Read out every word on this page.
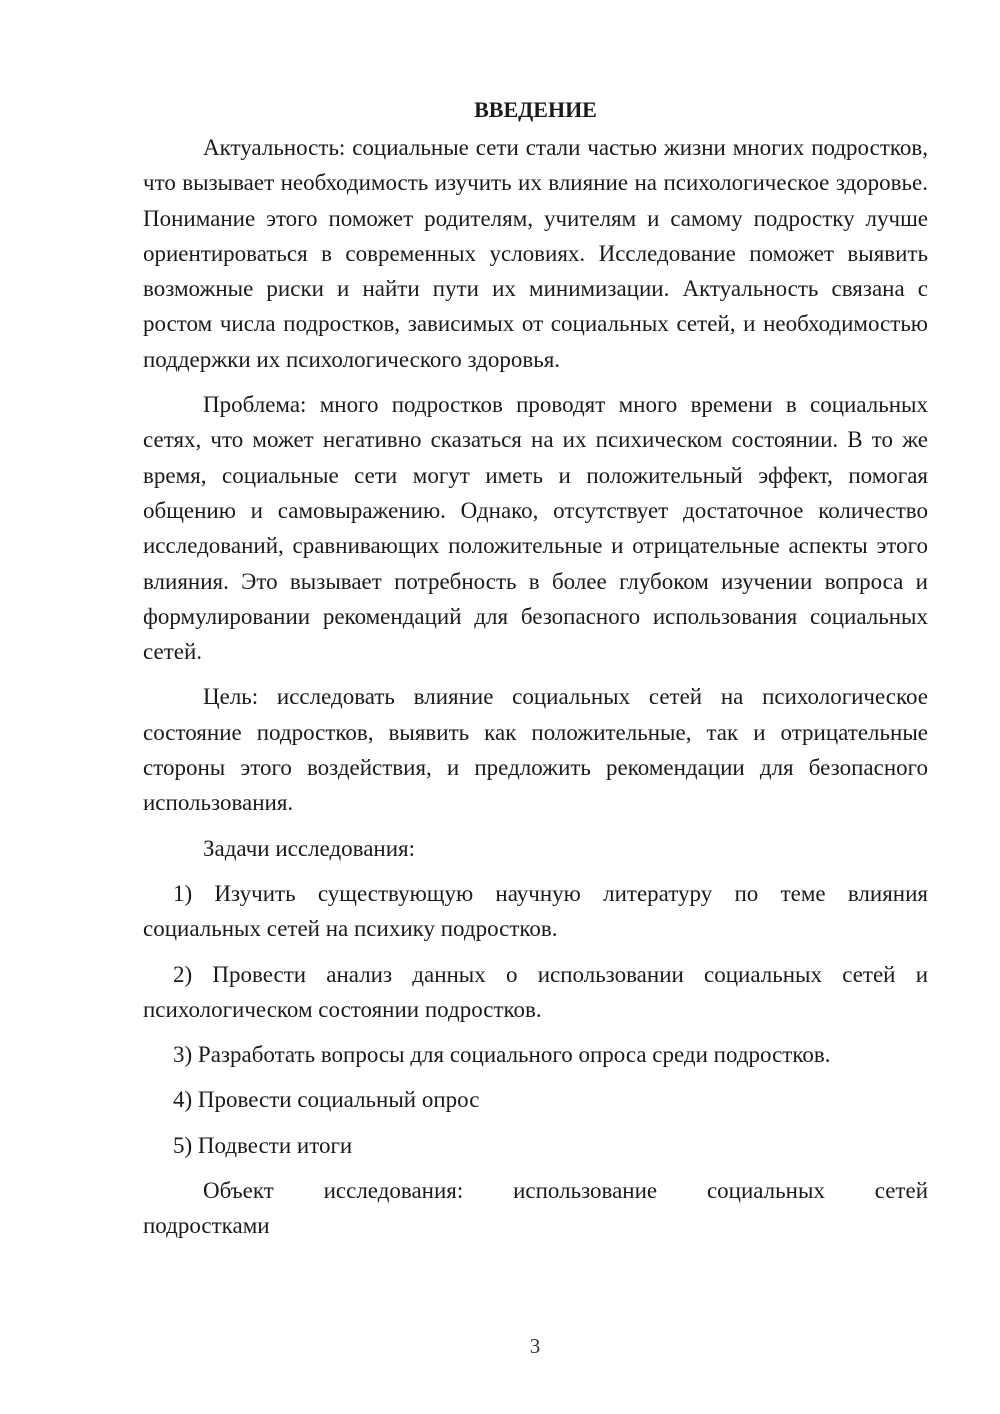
ВВЕДЕНИЕ

Актуальность: социальные сети стали частью жизни многих подростков, что вызывает необходимость изучить их влияние на психологическое здоровье. Понимание этого поможет родителям, учителям и самому подростку лучше ориентироваться в современных условиях. Исследование поможет выявить возможные риски и найти пути их минимизации. Актуальность связана с ростом числа подростков, зависимых от социальных сетей, и необходимостью поддержки их психологического здоровья.

Проблема: много подростков проводят много времени в социальных сетях, что может негативно сказаться на их психическом состоянии. В то же время, социальные сети могут иметь и положительный эффект, помогая общению и самовыражению. Однако, отсутствует достаточное количество исследований, сравнивающих положительные и отрицательные аспекты этого влияния. Это вызывает потребность в более глубоком изучении вопроса и формулировании рекомендаций для безопасного использования социальных сетей.

Цель: исследовать влияние социальных сетей на психологическое состояние подростков, выявить как положительные, так и отрицательные стороны этого воздействия, и предложить рекомендации для безопасного использования.

Задачи исследования:

1) Изучить существующую научную литературу по теме влияния социальных сетей на психику подростков.

2) Провести анализ данных о использовании социальных сетей и психологическом состоянии подростков.

3) Разработать вопросы для социального опроса среди подростков.

4) Провести социальный опрос

5) Подвести итоги

Объект исследования: использование социальных сетей
подростками

3
